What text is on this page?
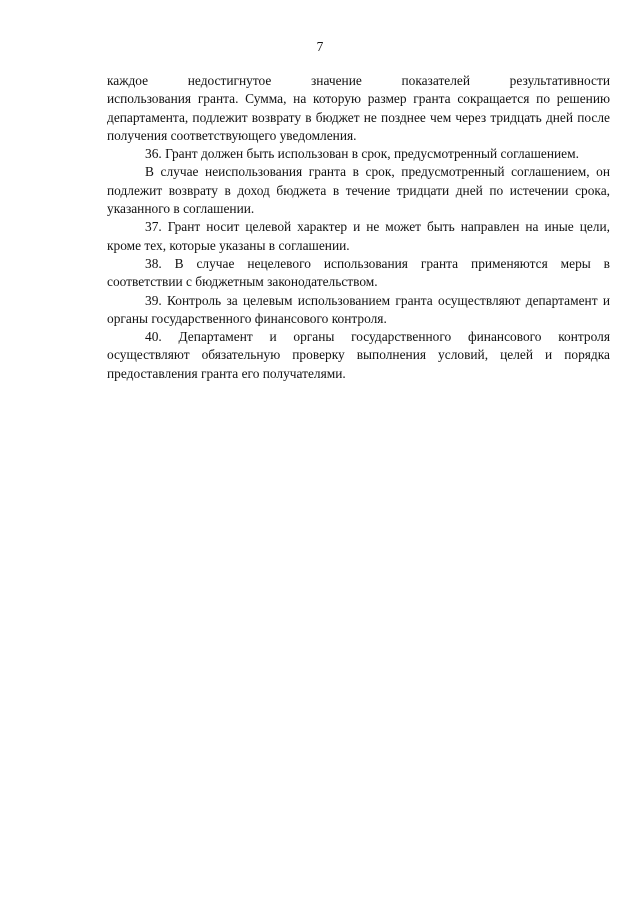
7

каждое недостигнутое значение показателей результативности

использования гранта. Сумма, на которую размер гранта сокращается по решению департамента, подлежит возврату в бюджет не позднее чем через тридцать дней после получения соответствующего уведомления.

36. Грант должен быть использован в срок, предусмотренный соглашением.

В случае неиспользования гранта в срок, предусмотренный соглашением, он подлежит возврату в доход бюджета в течение тридцати дней по истечении срока, указанного в соглашении.

37. Грант носит целевой характер и не может быть направлен на иные цели, кроме тех, которые указаны в соглашении.

38. В случае нецелевого использования гранта применяются меры в соответствии с бюджетным законодательством.

39. Контроль за целевым использованием гранта осуществляют департамент и органы государственного финансового контроля.

40. Департамент и органы государственного финансового контроля осуществляют обязательную проверку выполнения условий, целей и порядка предоставления гранта его получателями.
